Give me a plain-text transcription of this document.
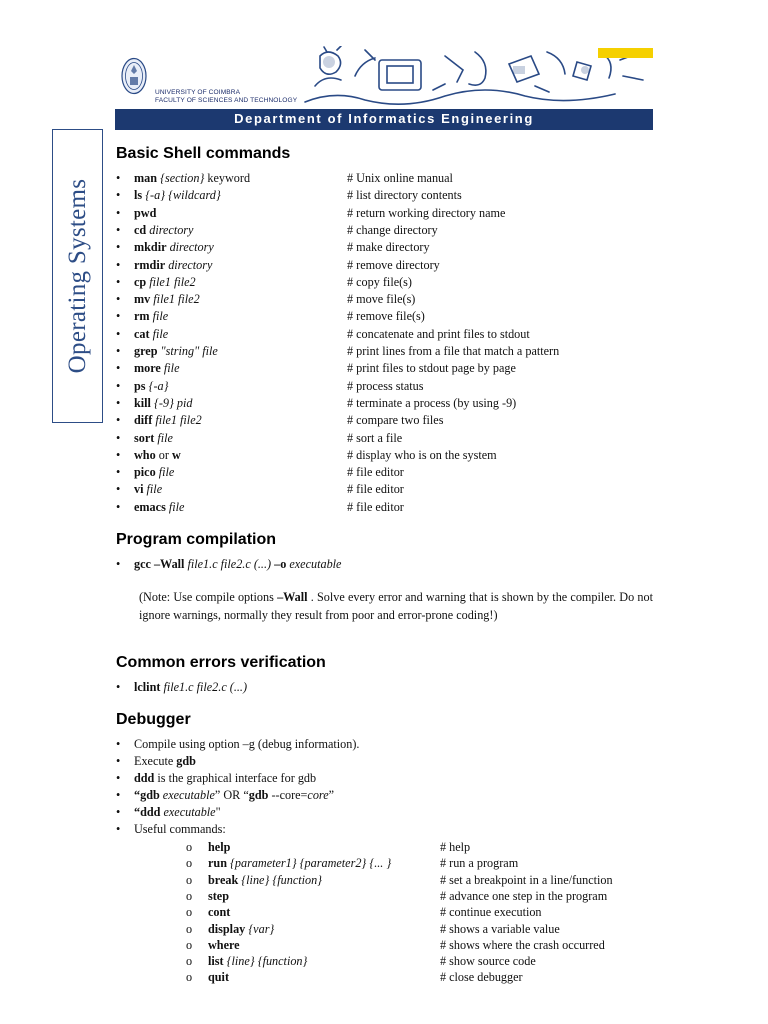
UNIVERSITY OF COIMBRA
FACULTY OF SCIENCES AND TECHNOLOGY
Department of Informatics Engineering
Operating Systems
Basic Shell commands
• man {section} keyword	# Unix online manual
• ls {-a} {wildcard}	# list directory contents
• pwd	# return working directory name
• cd directory	# change directory
• mkdir directory	# make directory
• rmdir directory	# remove directory
• cp file1 file2	# copy file(s)
• mv file1 file2	# move file(s)
• rm file	# remove file(s)
• cat file	# concatenate and print files to stdout
• grep "string" file	# print lines from a file that match a pattern
• more file	# print files to stdout page by page
• ps {-a}	# process status
• kill {-9} pid	# terminate a process (by using -9)
• diff file1 file2	# compare two files
• sort file	# sort a file
• who or w	# display who is on the system
• pico file	# file editor
• vi file	# file editor
• emacs file	# file editor
Program compilation
• gcc –Wall file1.c file2.c (...) –o executable
(Note: Use compile options –Wall . Solve every error and warning that is shown by the compiler. Do not ignore warnings, normally they result from poor and error-prone coding!)
Common errors verification
• lclint file1.c file2.c (...)
Debugger
• Compile using option –g (debug information).
• Execute gdb
• ddd is the graphical interface for gdb
• “gdb executable” OR “gdb --core=core”
• “ddd executable"
• Useful commands:
o help	# help
o run {parameter1} {parameter2} {... }	# run a program
o break {line} {function}	# set a breakpoint in a line/function
o step	# advance one step in the program
o cont	# continue execution
o display {var}	# shows a variable value
o where	# shows where the crash occurred
o list {line} {function}	# show source code
o quit	# close debugger
